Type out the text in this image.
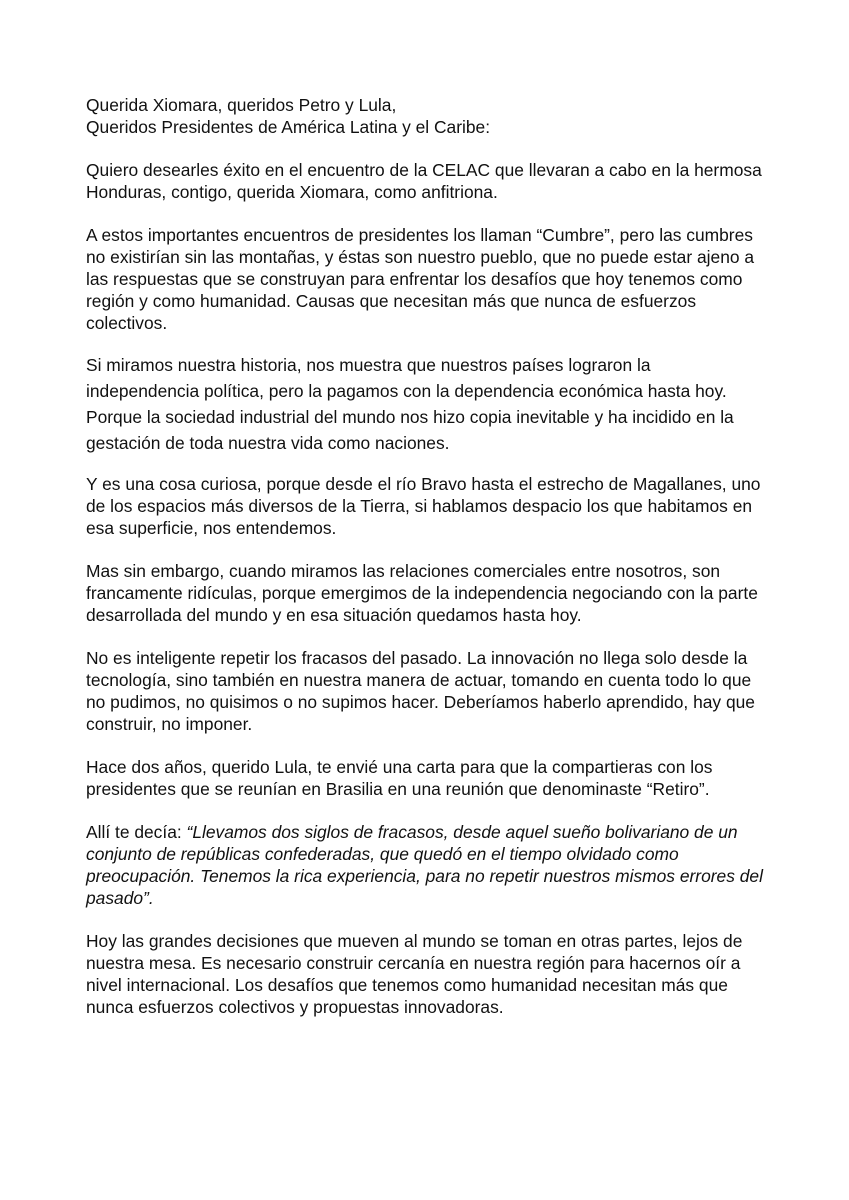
Querida Xiomara, queridos Petro y Lula,

Queridos Presidentes de América Latina y el Caribe:

Quiero desearles éxito en el encuentro de la CELAC que llevaran a cabo en la hermosa Honduras, contigo, querida Xiomara, como anfitriona.

A estos importantes encuentros de presidentes los llaman “Cumbre”, pero las cumbres no existirían sin las montañas, y éstas son nuestro pueblo, que no puede estar ajeno a las respuestas que se construyan para enfrentar los desafíos que hoy tenemos como región y como humanidad. Causas que necesitan más que nunca de esfuerzos colectivos.

Si miramos nuestra historia, nos muestra que nuestros países lograron la independencia política, pero la pagamos con la dependencia económica hasta hoy. Porque la sociedad industrial del mundo nos hizo copia inevitable y ha incidido en la gestación de toda nuestra vida como naciones.

Y es una cosa curiosa, porque desde el río Bravo hasta el estrecho de Magallanes, uno de los espacios más diversos de la Tierra, si hablamos despacio los que habitamos en esa superficie, nos entendemos.

Mas sin embargo, cuando miramos las relaciones comerciales entre nosotros, son francamente ridículas, porque emergimos de la independencia negociando con la parte desarrollada del mundo y en esa situación quedamos hasta hoy.

No es inteligente repetir los fracasos del pasado. La innovación no llega solo desde la tecnología, sino también en nuestra manera de actuar, tomando en cuenta todo lo que no pudimos, no quisimos o no supimos hacer. Deberíamos haberlo aprendido, hay que construir, no imponer.

Hace dos años, querido Lula, te envié una carta para que la compartieras con los presidentes que se reunían en Brasilia en una reunión que denominaste “Retiro”.

Allí te decía: “Llevamos dos siglos de fracasos, desde aquel sueño bolivariano de un conjunto de repúblicas confederadas, que quedó en el tiempo olvidado como preocupación. Tenemos la rica experiencia, para no repetir nuestros mismos errores del pasado”.

Hoy las grandes decisiones que mueven al mundo se toman en otras partes, lejos de nuestra mesa. Es necesario construir cercanía en nuestra región para hacernos oír a nivel internacional. Los desafíos que tenemos como humanidad necesitan más que nunca esfuerzos colectivos y propuestas innovadoras.
